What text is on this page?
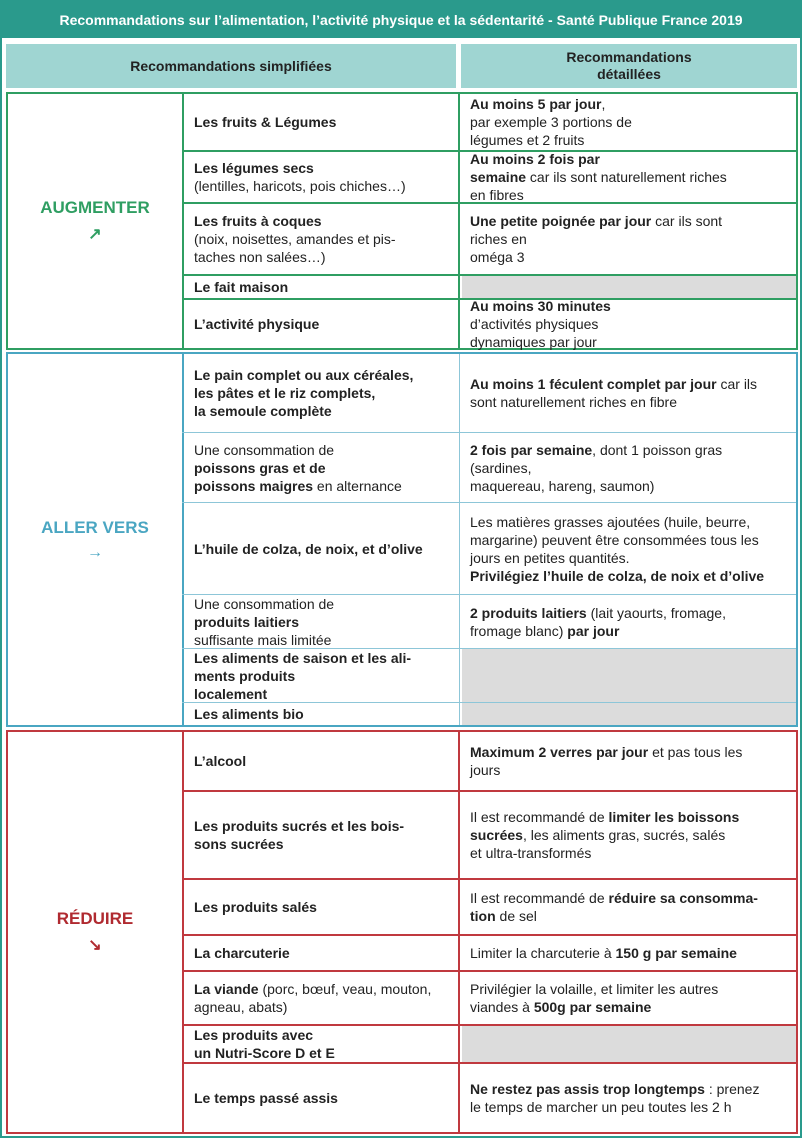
Recommandations sur l’alimentation, l’activité physique et la sédentarité - Santé Publique France 2019
Recommandations simplifiées
Recommandations
détaillées
AUGMENTER
↗
Les fruits & Légumes
Au moins 5 par jour,
par exemple 3 portions de
légumes et 2 fruits
Les légumes secs
(lentilles, haricots, pois chiches…)
Au moins 2 fois par
semaine car ils sont naturellement riches
en fibres
Les fruits à coques
(noix, noisettes, amandes et pis-
taches non salées…)
Une petite poignée par jour car ils sont
riches en
oméga 3
Le fait maison
L’activité physique
Au moins 30 minutes
d’activités physiques
dynamiques par jour
ALLER VERS
→
Le pain complet ou aux céréales,
les pâtes et le riz complets,
la semoule complète
Au moins 1 féculent complet par jour car ils
sont naturellement riches en fibre
Une consommation de
poissons gras et de
poissons maigres en alternance
2 fois par semaine, dont 1 poisson gras
(sardines,
maquereau, hareng, saumon)
L’huile de colza, de noix, et d’olive
Les matières grasses ajoutées (huile, beurre,
margarine) peuvent être consommées tous les
jours en petites quantités.
Privilégiez l’huile de colza, de noix et d’olive
Une consommation de
produits laitiers
suffisante mais limitée
2 produits laitiers (lait yaourts, fromage,
fromage blanc) par jour
Les aliments de saison et les ali-
ments produits
localement
Les aliments bio
RÉDUIRE
↘
L’alcool
Maximum 2 verres par jour et pas tous les
jours
Les produits sucrés et les bois-
sons sucrées
Il est recommandé de limiter les boissons
sucrées, les aliments gras, sucrés, salés
et ultra-transformés
Les produits salés
Il est recommandé de réduire sa consomma-
tion de sel
La charcuterie	Limiter la charcuterie à 150 g par semaine
La viande (porc, bœuf, veau, mouton,
agneau, abats)
Privilégier la volaille, et limiter les autres
viandes à 500g par semaine
Les produits avec
un Nutri-Score D et E
Le temps passé assis
Ne restez pas assis trop longtemps : prenez
le temps de marcher un peu toutes les 2 h
